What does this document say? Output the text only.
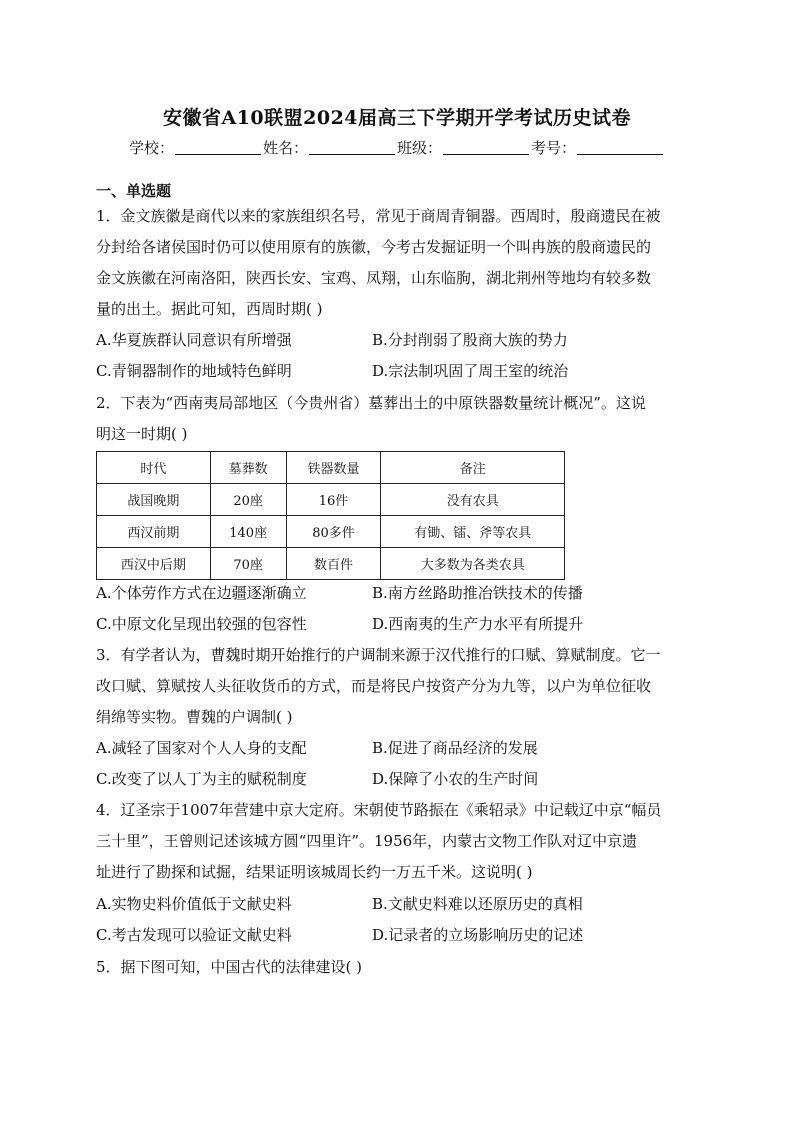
安徽省A10联盟2024届高三下学期开学考试历史试卷
学校：	姓名：	班级：	考号：
一、单选题
1．金文族徽是商代以来的家族组织名号，常见于商周青铜器。西周时，殷商遗民在被
分封给各诸侯国时仍可以使用原有的族徽，今考古发掘证明一个叫冉族的殷商遗民的
金文族徽在河南洛阳，陕西长安、宝鸡、凤翔，山东临朐，湖北荆州等地均有较多数
量的出土。据此可知，西周时期( )
A.华夏族群认同意识有所增强	B.分封削弱了殷商大族的势力
C.青铜器制作的地域特色鲜明	D.宗法制巩固了周王室的统治
2．下表为“西南夷局部地区（今贵州省）墓葬出土的中原铁器数量统计概况”。这说
明这一时期( )
时代	墓葬数	铁器数量	备注
战国晚期	20座	16件	没有农具
西汉前期	140座	80多件	有锄、镭、斧等农具
西汉中后期	70座	数百件	大多数为各类农具
A.个体劳作方式在边疆逐渐确立	B.南方丝路助推冶铁技术的传播
C.中原文化呈现出较强的包容性	D.西南夷的生产力水平有所提升
3．有学者认为，曹魏时期开始推行的户调制来源于汉代推行的口赋、算赋制度。它一
改口赋、算赋按人头征收货币的方式，而是将民户按资产分为九等，以户为单位征收
绢绵等实物。曹魏的户调制( )
A.减轻了国家对个人人身的支配	B.促进了商品经济的发展
C.改变了以人丁为主的赋税制度	D.保障了小农的生产时间
4．辽圣宗于1007年营建中京大定府。宋朝使节路振在《乘轺录》中记载辽中京“幅员
三十里”，王曾则记述该城方圆“四里许”。1956年，内蒙古文物工作队对辽中京遗
址进行了勘探和试掘，结果证明该城周长约一万五千米。这说明( )
A.实物史料价值低于文献史料	B.文献史料难以还原历史的真相
C.考古发现可以验证文献史料	D.记录者的立场影响历史的记述
5．据下图可知，中国古代的法律建设( )
